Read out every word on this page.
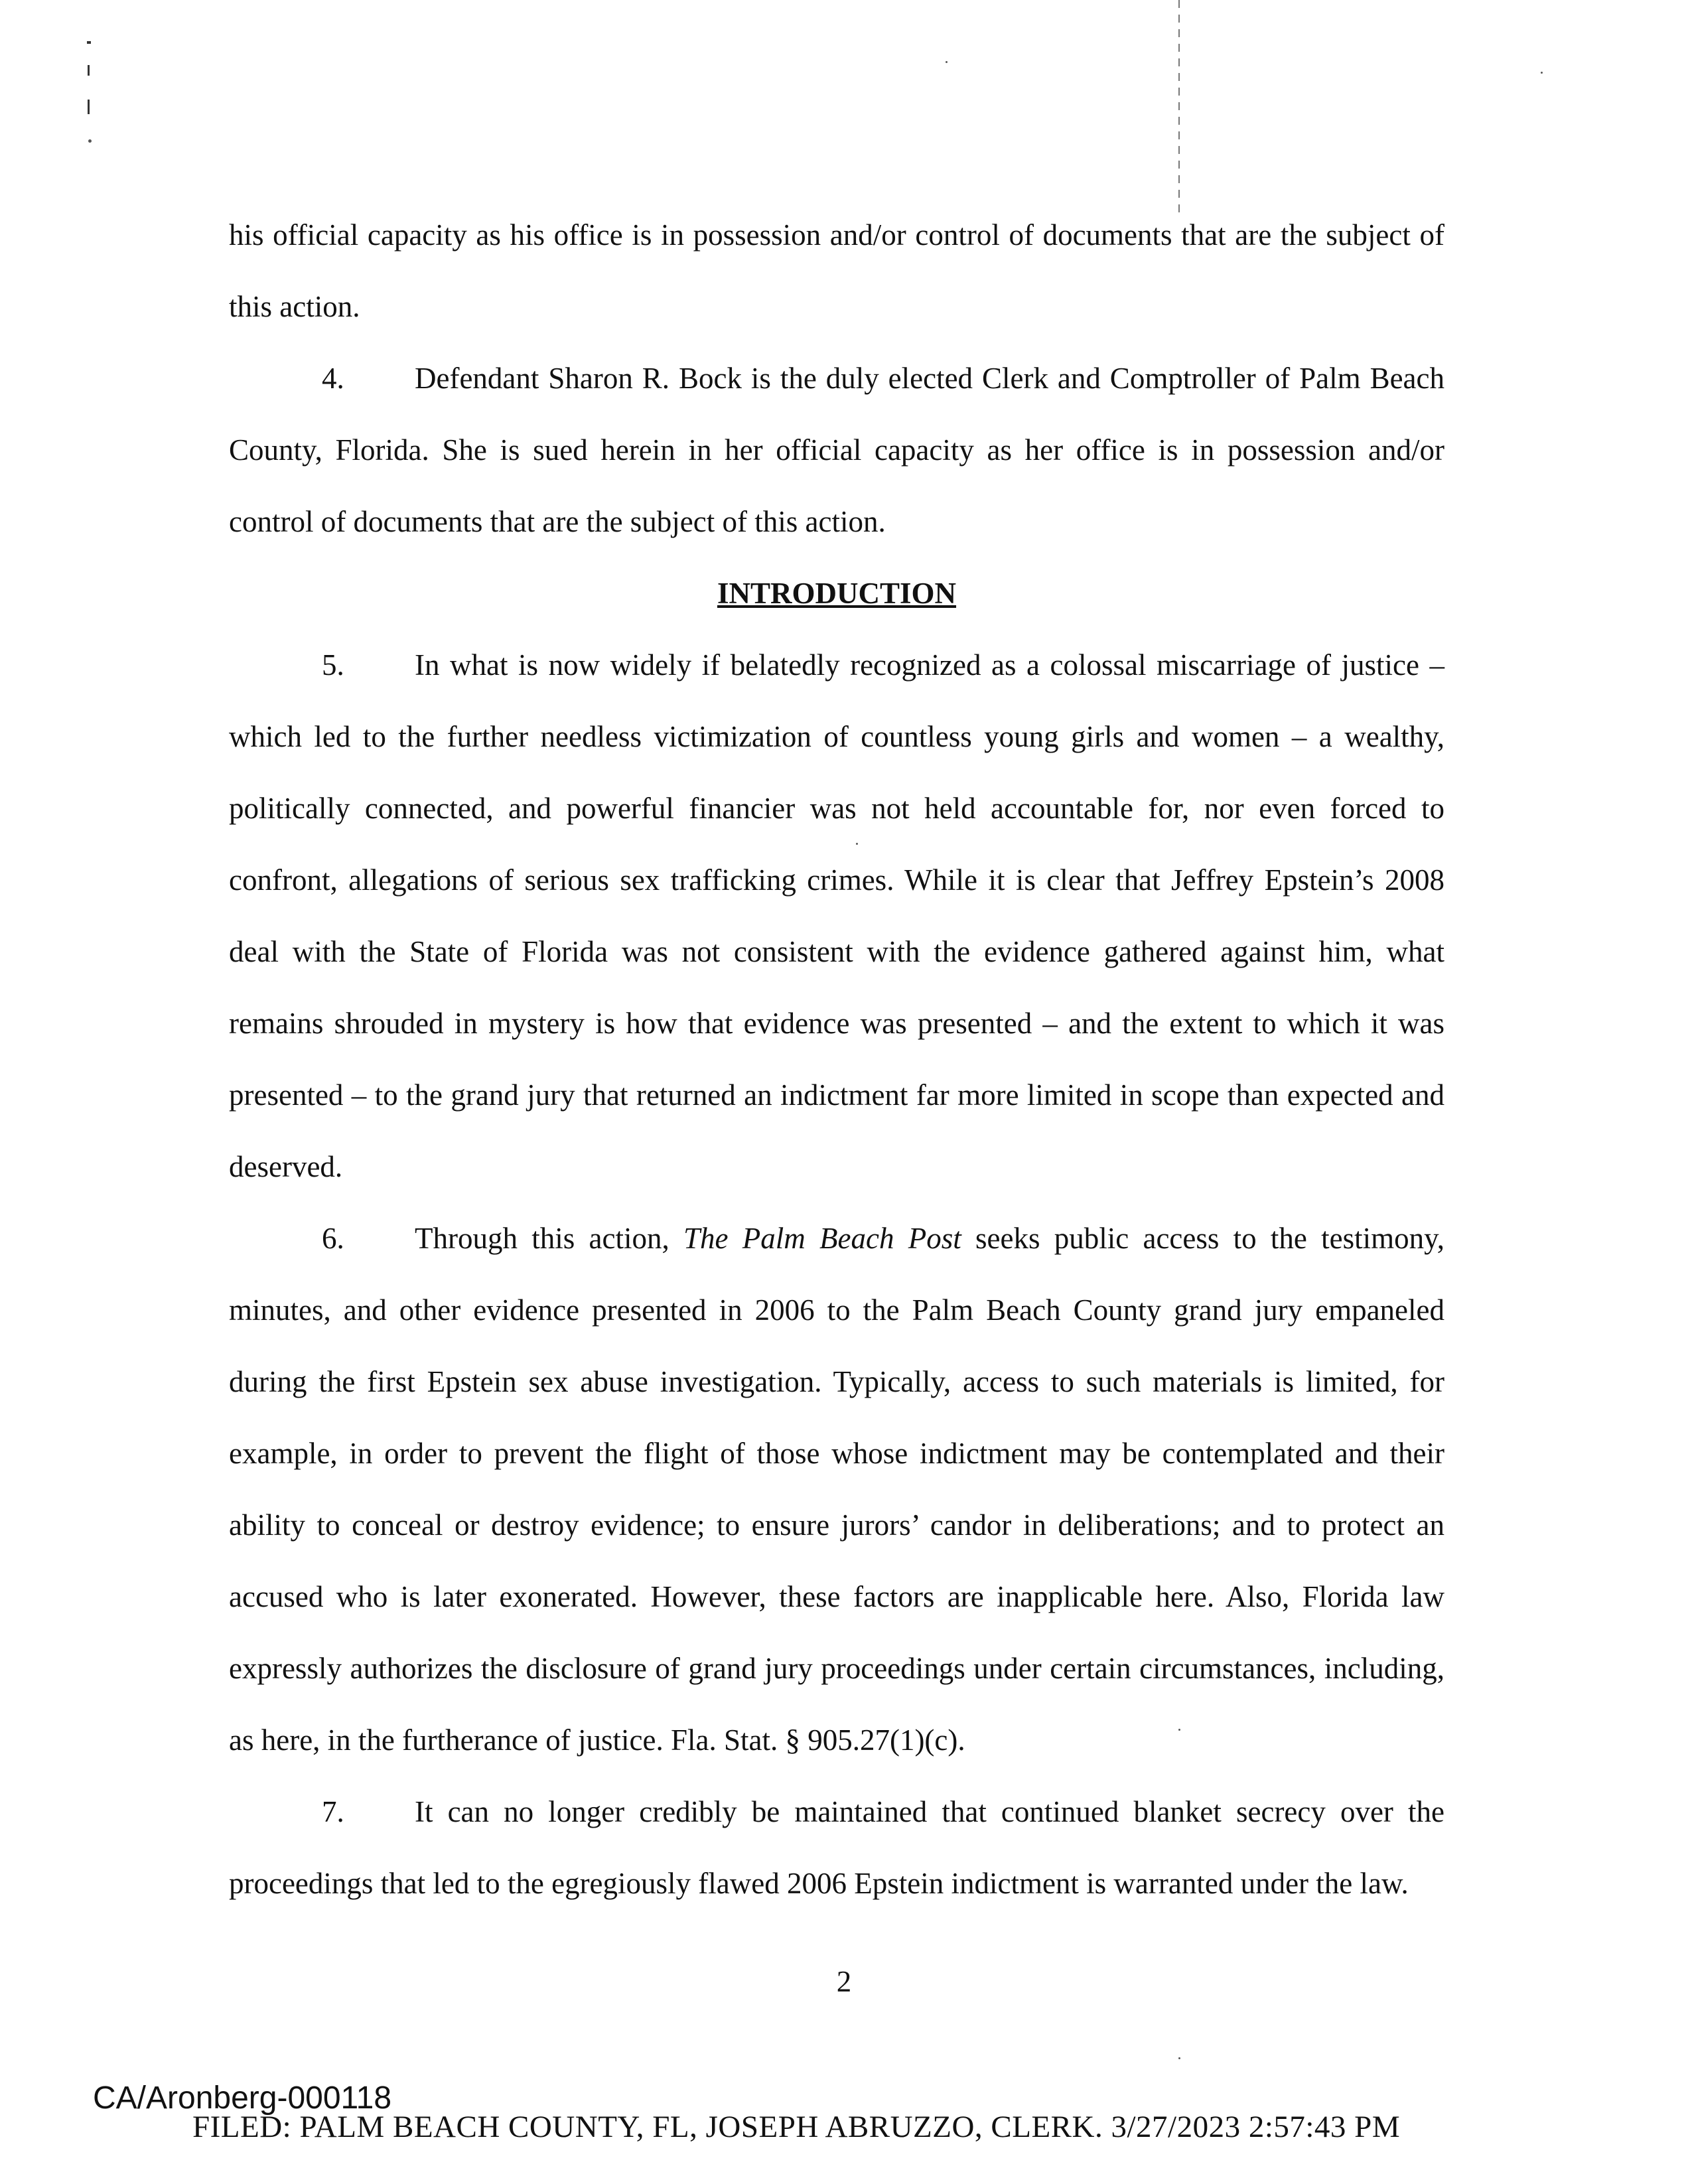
his official capacity as his office is in possession and/or control of documents that are the subject of this action.

4. Defendant Sharon R. Bock is the duly elected Clerk and Comptroller of Palm Beach County, Florida. She is sued herein in her official capacity as her office is in possession and/or control of documents that are the subject of this action.

INTRODUCTION

5. In what is now widely if belatedly recognized as a colossal miscarriage of justice – which led to the further needless victimization of countless young girls and women – a wealthy, politically connected, and powerful financier was not held accountable for, nor even forced to confront, allegations of serious sex trafficking crimes. While it is clear that Jeffrey Epstein’s 2008 deal with the State of Florida was not consistent with the evidence gathered against him, what remains shrouded in mystery is how that evidence was presented – and the extent to which it was presented – to the grand jury that returned an indictment far more limited in scope than expected and deserved.

6. Through this action, The Palm Beach Post seeks public access to the testimony, minutes, and other evidence presented in 2006 to the Palm Beach County grand jury empaneled during the first Epstein sex abuse investigation. Typically, access to such materials is limited, for example, in order to prevent the flight of those whose indictment may be contemplated and their ability to conceal or destroy evidence; to ensure jurors’ candor in deliberations; and to protect an accused who is later exonerated. However, these factors are inapplicable here. Also, Florida law expressly authorizes the disclosure of grand jury proceedings under certain circumstances, including, as here, in the furtherance of justice. Fla. Stat. § 905.27(1)(c).

7. It can no longer credibly be maintained that continued blanket secrecy over the proceedings that led to the egregiously flawed 2006 Epstein indictment is warranted under the law.

2
CA/Aronberg-000118
FILED: PALM BEACH COUNTY, FL, JOSEPH ABRUZZO, CLERK. 3/27/2023 2:57:43 PM
